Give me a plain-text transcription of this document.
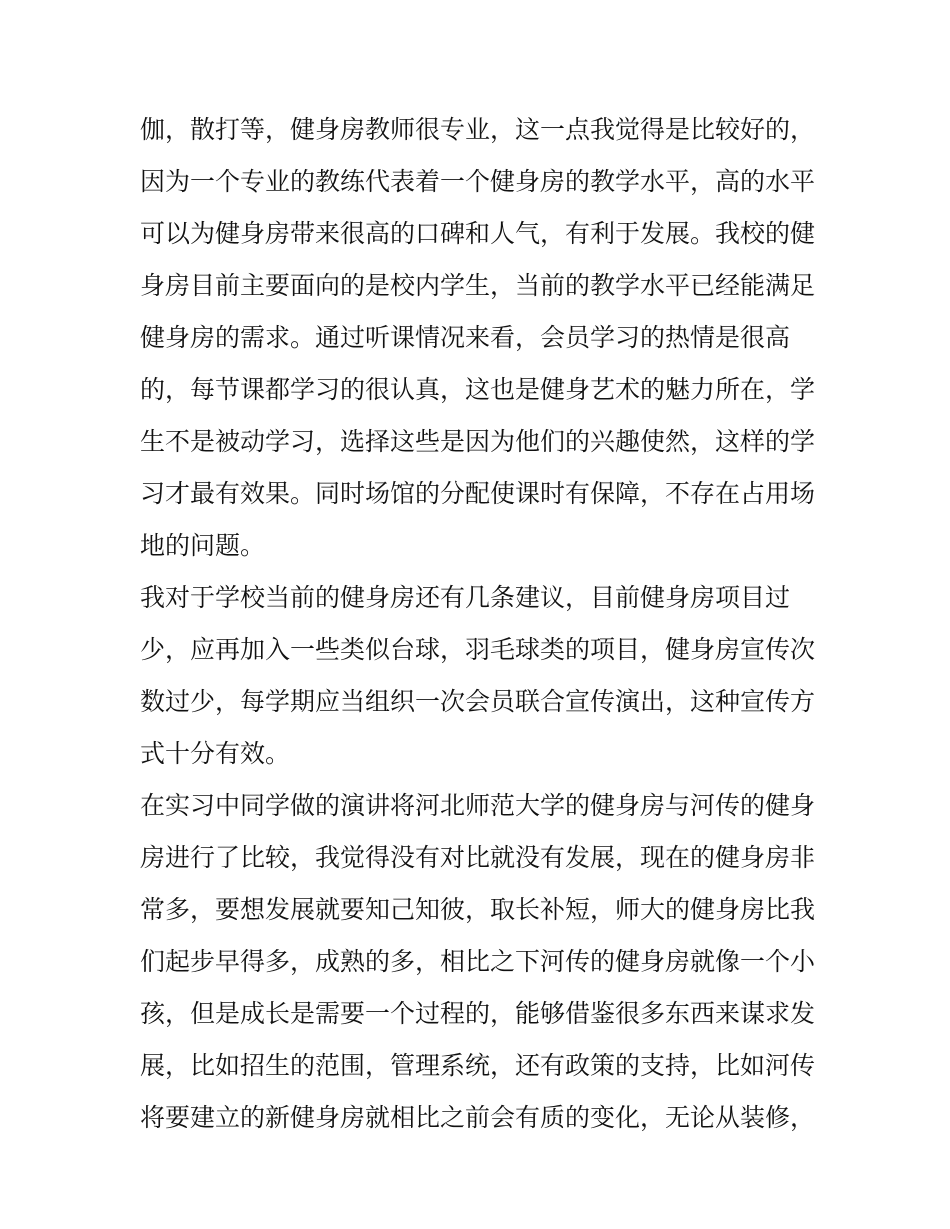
伽，散打等，健身房教师很专业，这一点我觉得是比较好的，
因为一个专业的教练代表着一个健身房的教学水平，高的水平
可以为健身房带来很高的口碑和人气，有利于发展。我校的健
身房目前主要面向的是校内学生，当前的教学水平已经能满足
健身房的需求。通过听课情况来看，会员学习的热情是很高
的，每节课都学习的很认真，这也是健身艺术的魅力所在，学
生不是被动学习，选择这些是因为他们的兴趣使然，这样的学
习才最有效果。同时场馆的分配使课时有保障，不存在占用场
地的问题。
我对于学校当前的健身房还有几条建议，目前健身房项目过
少，应再加入一些类似台球，羽毛球类的项目，健身房宣传次
数过少，每学期应当组织一次会员联合宣传演出，这种宣传方
式十分有效。
在实习中同学做的演讲将河北师范大学的健身房与河传的健身
房进行了比较，我觉得没有对比就没有发展，现在的健身房非
常多，要想发展就要知己知彼，取长补短，师大的健身房比我
们起步早得多，成熟的多，相比之下河传的健身房就像一个小
孩，但是成长是需要一个过程的，能够借鉴很多东西来谋求发
展，比如招生的范围，管理系统，还有政策的支持，比如河传
将要建立的新健身房就相比之前会有质的变化，无论从装修，
